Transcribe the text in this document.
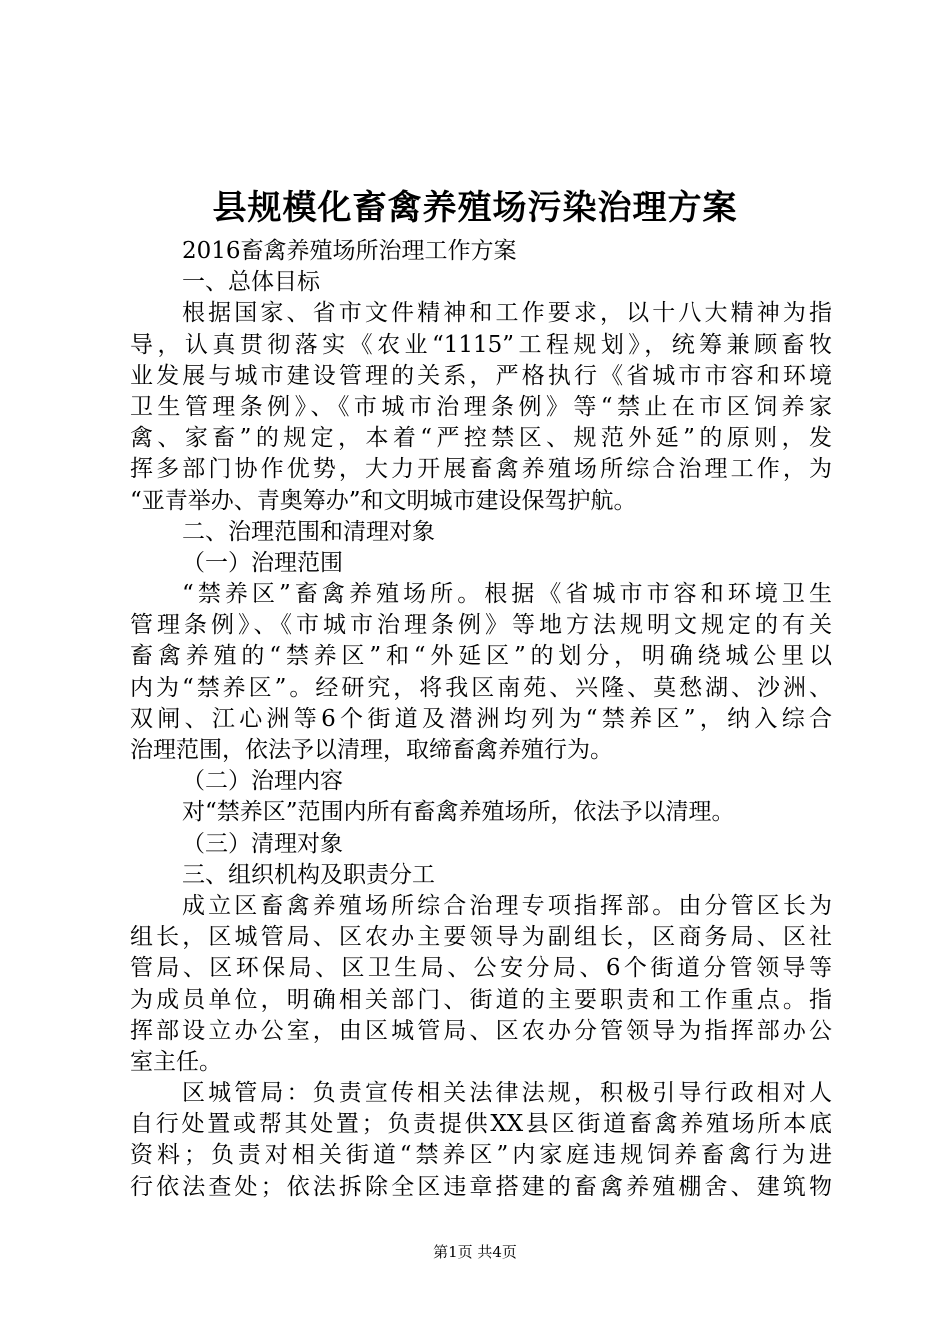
县规模化畜禽养殖场污染治理方案
2016畜禽养殖场所治理工作方案
一、总体目标
根据国家、省市文件精神和工作要求，以十八大精神为指
导，认真贯彻落实《农业“1115”工程规划》，统筹兼顾畜牧
业发展与城市建设管理的关系，严格执行《省城市市容和环境
卫生管理条例》、《市城市治理条例》等“禁止在市区饲养家
禽、家畜”的规定，本着“严控禁区、规范外延”的原则，发
挥多部门协作优势，大力开展畜禽养殖场所综合治理工作，为
“亚青举办、青奥筹办”和文明城市建设保驾护航。
二、治理范围和清理对象
（一）治理范围
“禁养区”畜禽养殖场所。根据《省城市市容和环境卫生
管理条例》、《市城市治理条例》等地方法规明文规定的有关
畜禽养殖的“禁养区”和“外延区”的划分，明确绕城公里以
内为“禁养区”。经研究，将我区南苑、兴隆、莫愁湖、沙洲、
双闸、江心洲等6个街道及潜洲均列为“禁养区”，纳入综合
治理范围，依法予以清理，取缔畜禽养殖行为。
（二）治理内容
对“禁养区”范围内所有畜禽养殖场所，依法予以清理。
（三）清理对象
三、组织机构及职责分工
成立区畜禽养殖场所综合治理专项指挥部。由分管区长为
组长，区城管局、区农办主要领导为副组长，区商务局、区社
管局、区环保局、区卫生局、公安分局、6个街道分管领导等
为成员单位，明确相关部门、街道的主要职责和工作重点。指
挥部设立办公室，由区城管局、区农办分管领导为指挥部办公
室主任。
区城管局：负责宣传相关法律法规，积极引导行政相对人
自行处置或帮其处置；负责提供XX县区街道畜禽养殖场所本底
资料；负责对相关街道“禁养区”内家庭违规饲养畜禽行为进
行依法查处；依法拆除全区违章搭建的畜禽养殖棚舍、建筑物
第1页 共4页
